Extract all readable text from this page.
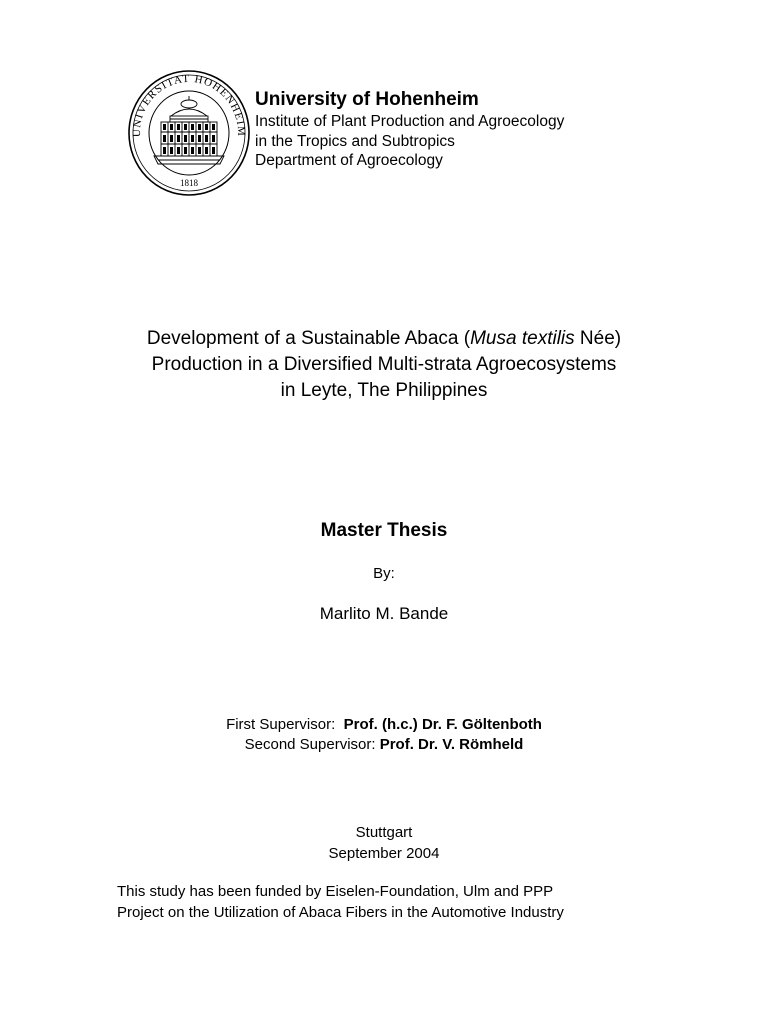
UNIVERSITAT HOHENHEIM
1818
University of Hohenheim
Institute of Plant Production and Agroecology
in the Tropics and Subtropics
Department of Agroecology
Development of a Sustainable Abaca (Musa textilis Née)
Production in a Diversified Multi-strata Agroecosystems
in Leyte, The Philippines
Master Thesis
By:
Marlito M. Bande
First Supervisor: Prof. (h.c.) Dr. F. Göltenboth
Second Supervisor: Prof. Dr. V. Römheld
Stuttgart
September 2004
This study has been funded by Eiselen-Foundation, Ulm and PPP
Project on the Utilization of Abaca Fibers in the Automotive Industry
